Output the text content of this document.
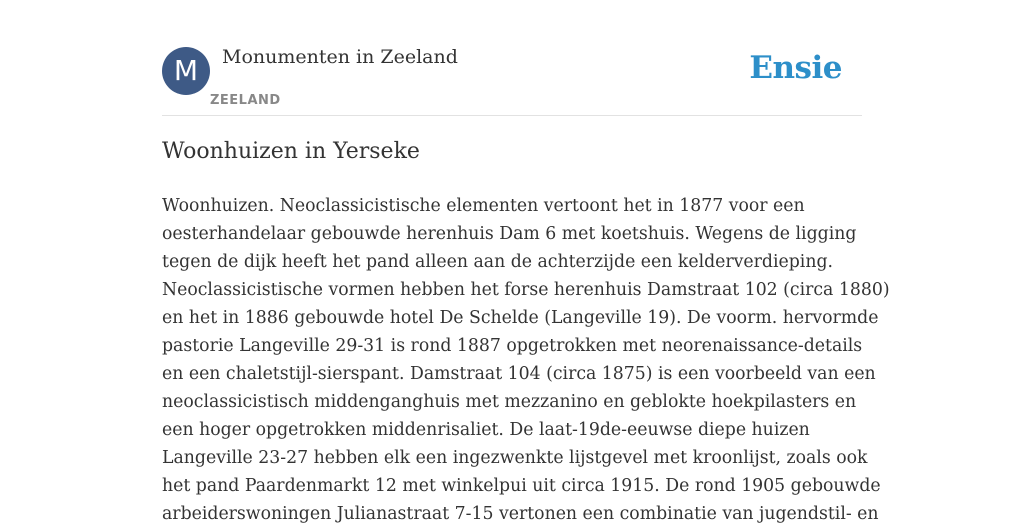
M	Monumenten in Zeeland
ZEELAND
Ensie
Woonhuizen in Yerseke
Woonhuizen. Neoclassicistische elementen vertoont het in 1877 voor een
oesterhandelaar gebouwde herenhuis Dam 6 met koetshuis. Wegens de ligging
tegen de dijk heeft het pand alleen aan de achterzijde een kelderverdieping.
Neoclassicistische vormen hebben het forse herenhuis Damstraat 102 (circa 1880)
en het in 1886 gebouwde hotel De Schelde (Langeville 19). De voorm. hervormde
pastorie Langeville 29-31 is rond 1887 opgetrokken met neorenaissance-details
en een chaletstijl-sierspant. Damstraat 104 (circa 1875) is een voorbeeld van een
neoclassicistisch middenganghuis met mezzanino en geblokte hoekpilasters en
een hoger opgetrokken middenrisaliet. De laat-19de-eeuwse diepe huizen
Langeville 23-27 hebben elk een ingezwenkte lijstgevel met kroonlijst, zoals ook
het pand Paardenmarkt 12 met winkelpui uit circa 1915. De rond 1905 gebouwde
arbeiderswoningen Julianastraat 7-15 vertonen een combinatie van jugendstil- en
